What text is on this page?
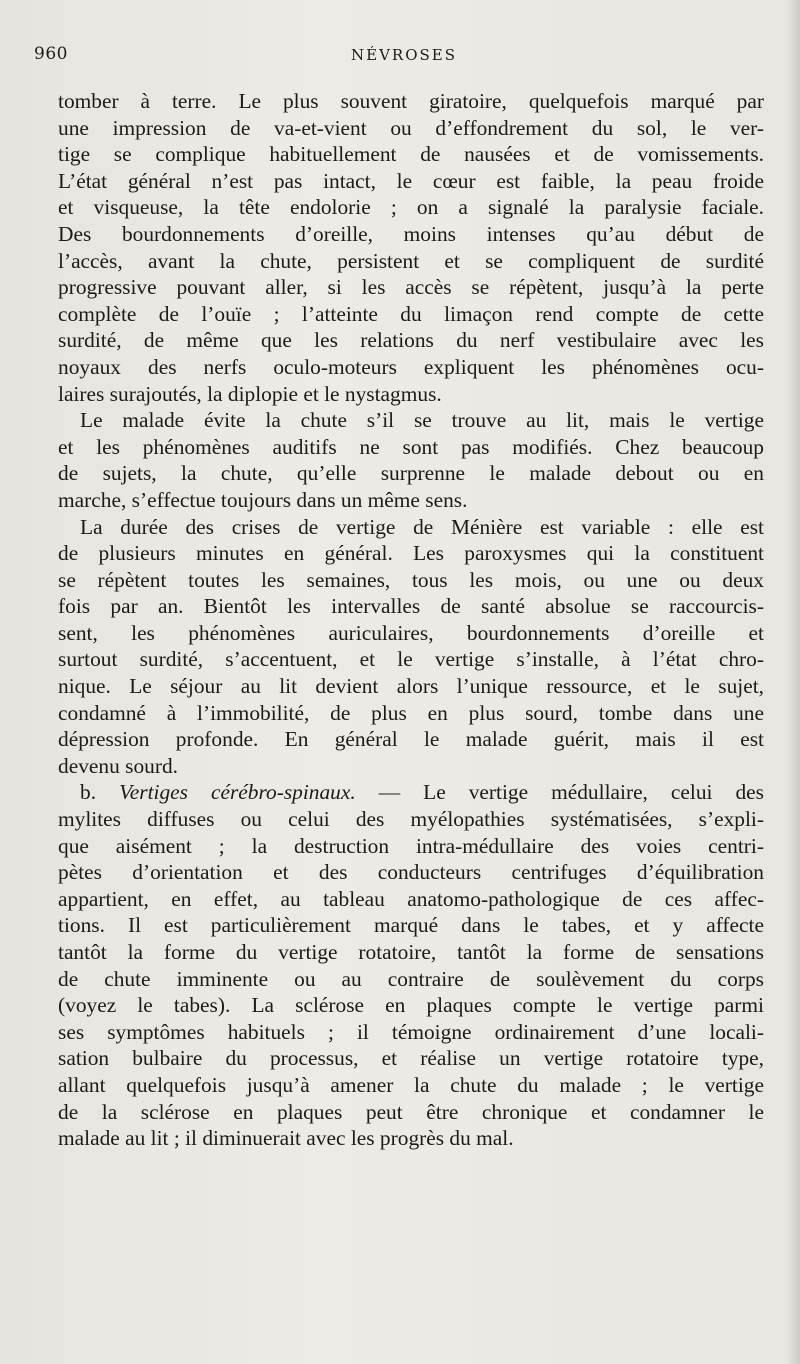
960	NÉVROSES
tomber à terre. Le plus souvent giratoire, quelquefois marqué par
une impression de va-et-vient ou d’effondrement du sol, le ver-
tige se complique habituellement de nausées et de vomissements.
L’état général n’est pas intact, le cœur est faible, la peau froide
et visqueuse, la tête endolorie ; on a signalé la paralysie faciale.
Des bourdonnements d’oreille, moins intenses qu’au début de
l’accès, avant la chute, persistent et se compliquent de surdité
progressive pouvant aller, si les accès se répètent, jusqu’à la perte
complète de l’ouïe ; l’atteinte du limaçon rend compte de cette
surdité, de même que les relations du nerf vestibulaire avec les
noyaux des nerfs oculo-moteurs expliquent les phénomènes ocu-
laires surajoutés, la diplopie et le nystagmus.
Le malade évite la chute s’il se trouve au lit, mais le vertige
et les phénomènes auditifs ne sont pas modifiés. Chez beaucoup
de sujets, la chute, qu’elle surprenne le malade debout ou en
marche, s’effectue toujours dans un même sens.
La durée des crises de vertige de Ménière est variable : elle est
de plusieurs minutes en général. Les paroxysmes qui la constituent
se répètent toutes les semaines, tous les mois, ou une ou deux
fois par an. Bientôt les intervalles de santé absolue se raccourcis-
sent, les phénomènes auriculaires, bourdonnements d’oreille et
surtout surdité, s’accentuent, et le vertige s’installe, à l’état chro-
nique. Le séjour au lit devient alors l’unique ressource, et le sujet,
condamné à l’immobilité, de plus en plus sourd, tombe dans une
dépression profonde. En général le malade guérit, mais il est
devenu sourd.
b. Vertiges cérébro-spinaux. — Le vertige médullaire, celui des
mylites diffuses ou celui des myélopathies systématisées, s’expli-
que aisément ; la destruction intra-médullaire des voies centri-
pètes d’orientation et des conducteurs centrifuges d’équilibration
appartient, en effet, au tableau anatomo-pathologique de ces affec-
tions. Il est particulièrement marqué dans le tabes, et y affecte
tantôt la forme du vertige rotatoire, tantôt la forme de sensations
de chute imminente ou au contraire de soulèvement du corps
(voyez le tabes). La sclérose en plaques compte le vertige parmi
ses symptômes habituels ; il témoigne ordinairement d’une locali-
sation bulbaire du processus, et réalise un vertige rotatoire type,
allant quelquefois jusqu’à amener la chute du malade ; le vertige
de la sclérose en plaques peut être chronique et condamner le
malade au lit ; il diminuerait avec les progrès du mal.
